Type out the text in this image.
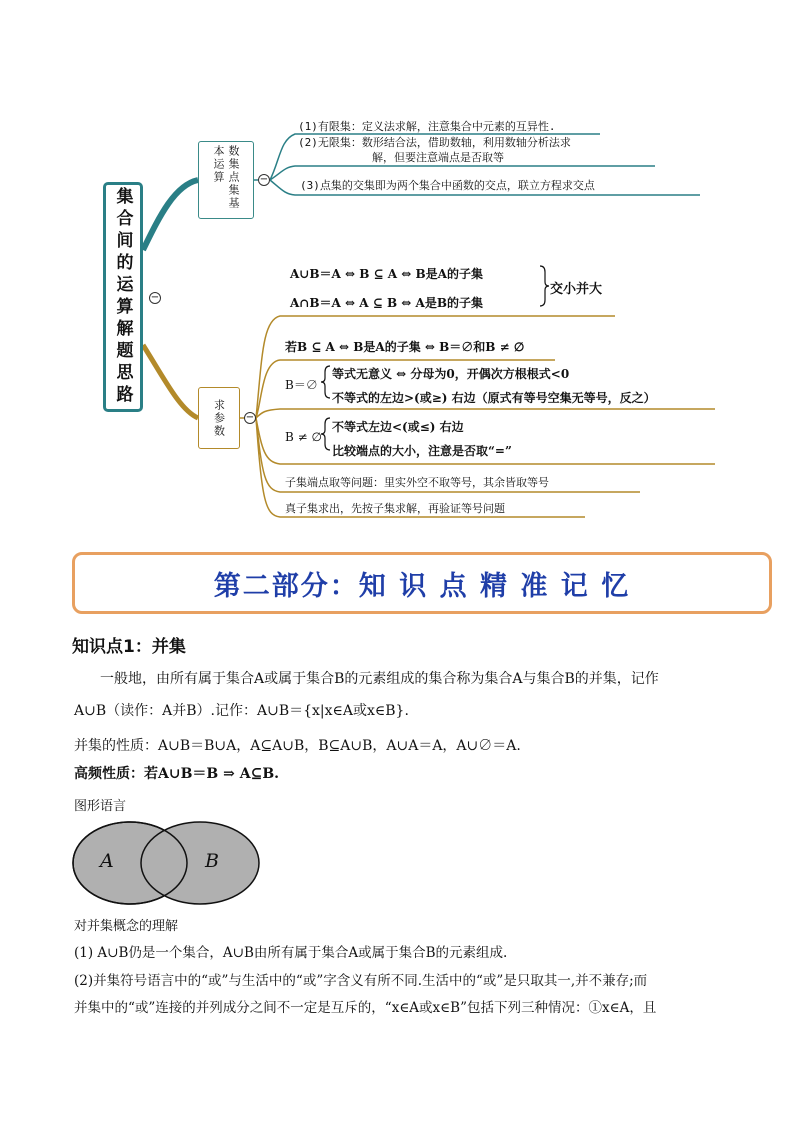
集合间的运算解题思路	−
数集点集基本运算	−
(1)有限集：定义法求解，注意集合中元素的互异性.
(2)无限集：数形结合法，借助数轴，利用数轴分析法求
解，但要注意端点是否取等
(3)点集的交集即为两个集合中函数的交点，联立方程求交点
求参数 −
A∪B＝A ⇔ B ⊆ A ⇔ B是A的子集
A∩B＝A ⇔ A ⊆ B ⇔ A是B的子集
交小并大
若B ⊆ A ⇔ B是A的子集 ⇔ B＝∅和B ≠ ∅
B＝∅
等式无意义 ⇔ 分母为0，开偶次方根根式<0
不等式的左边>(或≥) 右边（原式有等号空集无等号，反之）
B ≠ ∅
不等式左边<(或≤) 右边
比较端点的大小，注意是否取“=”
子集端点取等问题：里实外空不取等号，其余皆取等号
真子集求出，先按子集求解，再验证等号问题
第二部分：知 识 点 精 准 记 忆
知识点1：并集
一般地，由所有属于集合A或属于集合B的元素组成的集合称为集合A与集合B的并集，记作
A∪B（读作：A并B）.记作：A∪B＝{x|x∈A或x∈B}.
并集的性质：A∪B＝B∪A，A⊆A∪B，B⊆A∪B，A∪A＝A，A∪∅＝A.
高频性质：若A∪B＝B ⇒ A⊆B.
图形语言
A	B
对并集概念的理解
(1) A∪B仍是一个集合，A∪B由所有属于集合A或属于集合B的元素组成.
(2)并集符号语言中的“或”与生活中的“或”字含义有所不同.生活中的“或”是只取其一,并不兼存;而
并集中的“或”连接的并列成分之间不一定是互斥的，“x∈A或x∈B”包括下列三种情况：①x∈A，且
